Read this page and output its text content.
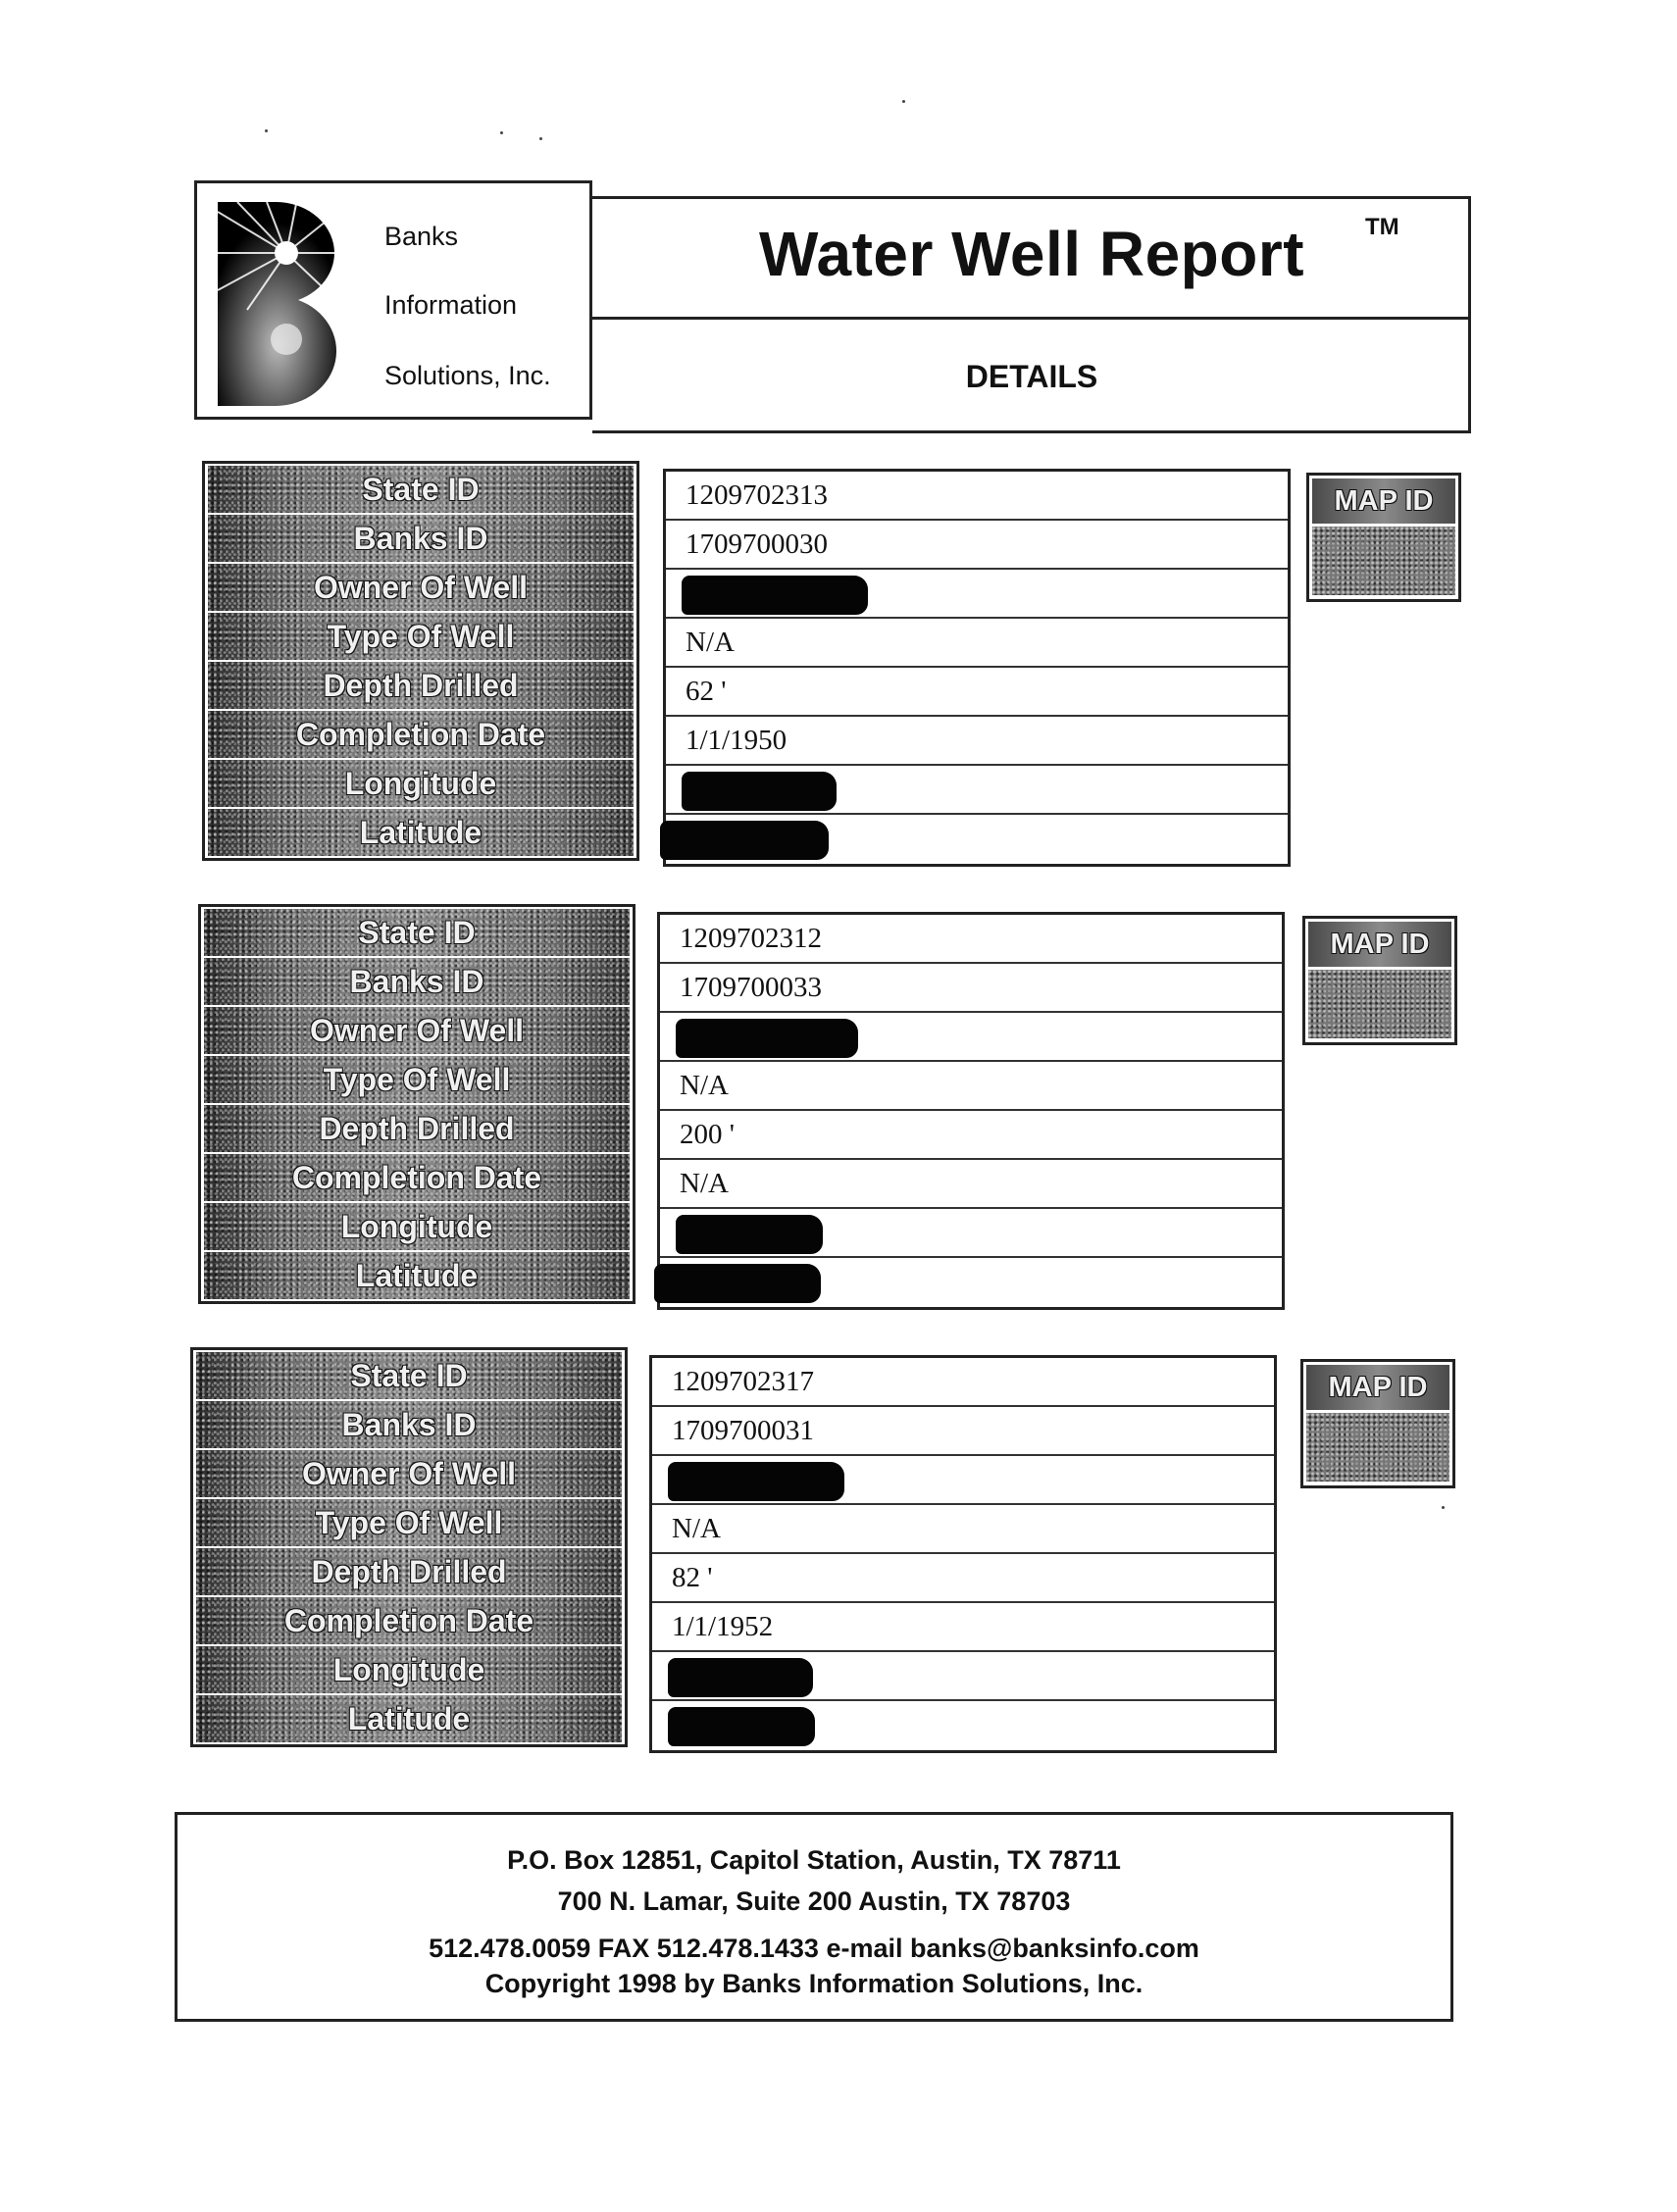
Banks
Information
Solutions, Inc.
Water Well Report	TM
DETAILS
State ID
Banks ID
Owner Of Well
Type Of Well
Depth Drilled
Completion Date
Longitude
Latitude
1209702313
1709700030
N/A
62 '
1/1/1950
MAP ID
State ID
Banks ID
Owner Of Well
Type Of Well
Depth Drilled
Completion Date
Longitude
Latitude
1209702312
1709700033
N/A
200 '
N/A
MAP ID
State ID
Banks ID
Owner Of Well
Type Of Well
Depth Drilled
Completion Date
Longitude
Latitude
1209702317
1709700031
N/A
82 '
1/1/1952
MAP ID
P.O. Box 12851, Capitol Station, Austin, TX 78711
700 N. Lamar, Suite 200 Austin, TX 78703
512.478.0059 FAX 512.478.1433 e-mail banks@banksinfo.com
Copyright 1998 by Banks Information Solutions, Inc.
